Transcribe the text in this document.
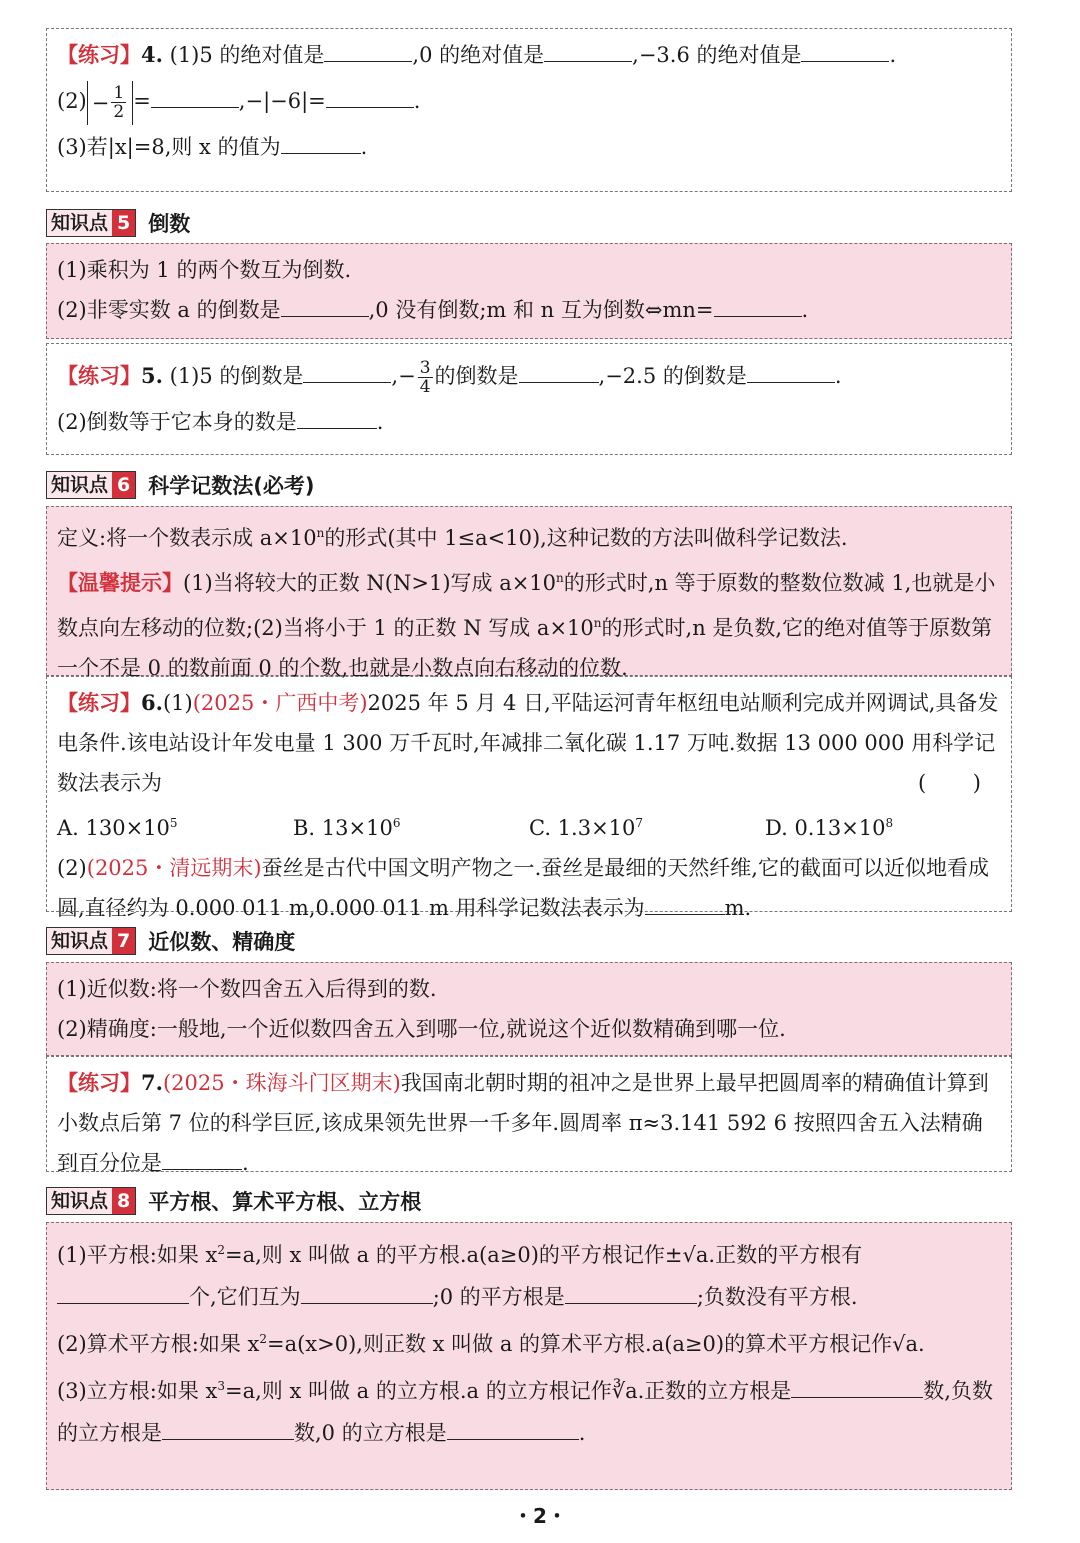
【练习】4. (1)5 的绝对值是	,0 的绝对值是	,−3.6 的绝对值是	.
$(2) - \frac{1}{2}$ =	,−|−6|=	.
(3)若|x|=8,则 x 的值为	.
知识点 5 倒数
(1)乘积为 1 的两个数互为倒数.
(2)非零实数 a 的倒数是	,0 没有倒数;m 和 n 互为倒数⇔mn=	.
【练习】5. (1)5 的倒数是	,− $\frac{3}{4}$ 的倒数是	,−2.5 的倒数是	.
(2)倒数等于它本身的数是	.
知识点 6 科学记数法(必考)
定义:将一个数表示成 $a\times 10^n$的形式(其中 1≤a<10),这种记数的方法叫做科学记数法.
【温馨提示】(1)当将较大的正数 N(N>1)写成 $a\times 10^n$的形式时,n 等于原数的整数位数减 1,也就是小数点向左移动的位数;(2)当将小于 1 的正数 N 写成 $a\times 10^n$的形式时,n 是负数,它的绝对值等于原数第一个不是 0 的数前面 0 的个数,也就是小数点向右移动的位数.
【练习】6.(1)(2025・广西中考)2025 年 5 月 4 日,平陆运河青年枢纽电站顺利完成并网调试,具备发电条件.该电站设计年发电量 1 300 万千瓦时,年减排二氧化碳 1.17 万吨.数据 13 000 000 用科学记数法表示为	( )
A. $130\times 10^5$	B. $13\times 10^6$	C. $1.3\times 10^7$	D. $0.13\times 10^8$
(2)(2025・清远期末)蚕丝是古代中国文明产物之一.蚕丝是最细的天然纤维,它的截面可以近似地看成圆,直径约为 0.000 011 m,0.000 011 m 用科学记数法表示为	m.
知识点 7 近似数、精确度
(1)近似数:将一个数四舍五入后得到的数.
(2)精确度:一般地,一个近似数四舍五入到哪一位,就说这个近似数精确到哪一位.
【练习】7.(2025・珠海斗门区期末)我国南北朝时期的祖冲之是世界上最早把圆周率的精确值计算到小数点后第 7 位的科学巨匠,该成果领先世界一千多年.圆周率 π≈3.141 592 6 按照四舍五入法精确到百分位是	.
知识点 8 平方根、算术平方根、立方根
(1)平方根:如果 $x^2=a$,则 x 叫做 a 的平方根.a(a≥0)的平方根记作±√a.正数的平方根有
个,它们互为	;0 的平方根是	;负数没有平方根.
(2)算术平方根:如果 $x^2=a(x>0)$,则正数 x 叫做 a 的算术平方根.a(a≥0)的算术平方根记作√a.
(3)立方根:如果 $x^3=a$,则 x 叫做 a 的立方根.a 的立方根记作∛a.正数的立方根是	数,负数的立方根是	数,0 的立方根是	.
・2・
